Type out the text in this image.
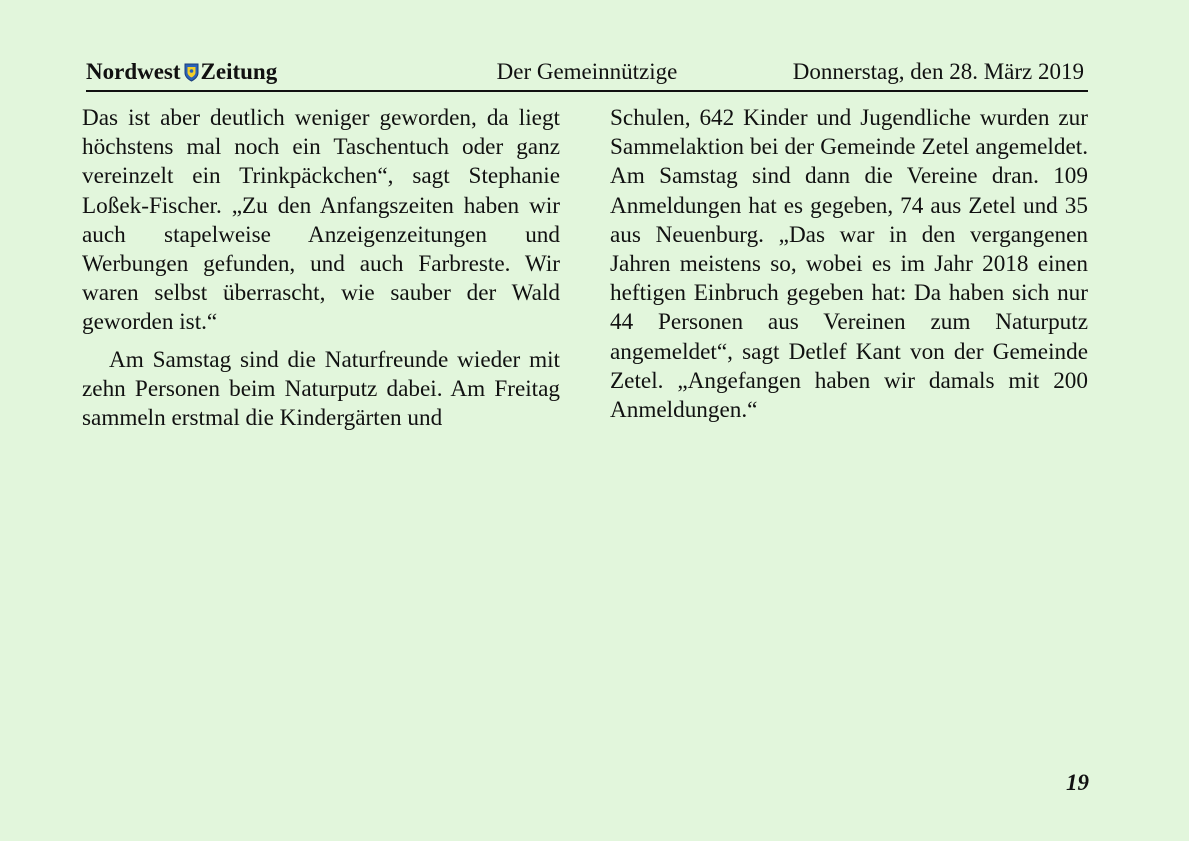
Nordwest Zeitung	Der Gemeinnützige	Donnerstag, den 28. März 2019

Das ist aber deutlich weniger geworden, da liegt höchstens mal noch ein Taschentuch oder ganz vereinzelt ein Trinkpäckchen“, sagt Stephanie Loßek-Fischer. „Zu den Anfangszeiten haben wir auch stapelweise Anzeigenzeitungen und Werbungen gefunden, und auch Farbreste. Wir waren selbst überrascht, wie sauber der Wald geworden ist.“

Am Samstag sind die Naturfreunde wieder mit zehn Personen beim Naturputz dabei. Am Freitag sammeln erstmal die Kindergärten und

Schulen, 642 Kinder und Jugendliche wurden zur Sammelaktion bei der Gemeinde Zetel angemeldet. Am Samstag sind dann die Vereine dran. 109 Anmeldungen hat es gegeben, 74 aus Zetel und 35 aus Neuenburg. „Das war in den vergangenen Jahren meistens so, wobei es im Jahr 2018 einen heftigen Einbruch gegeben hat: Da haben sich nur 44 Personen aus Vereinen zum Naturputz angemeldet“, sagt Detlef Kant von der Gemeinde Zetel. „Angefangen haben wir damals mit 200 Anmeldungen.“

19
